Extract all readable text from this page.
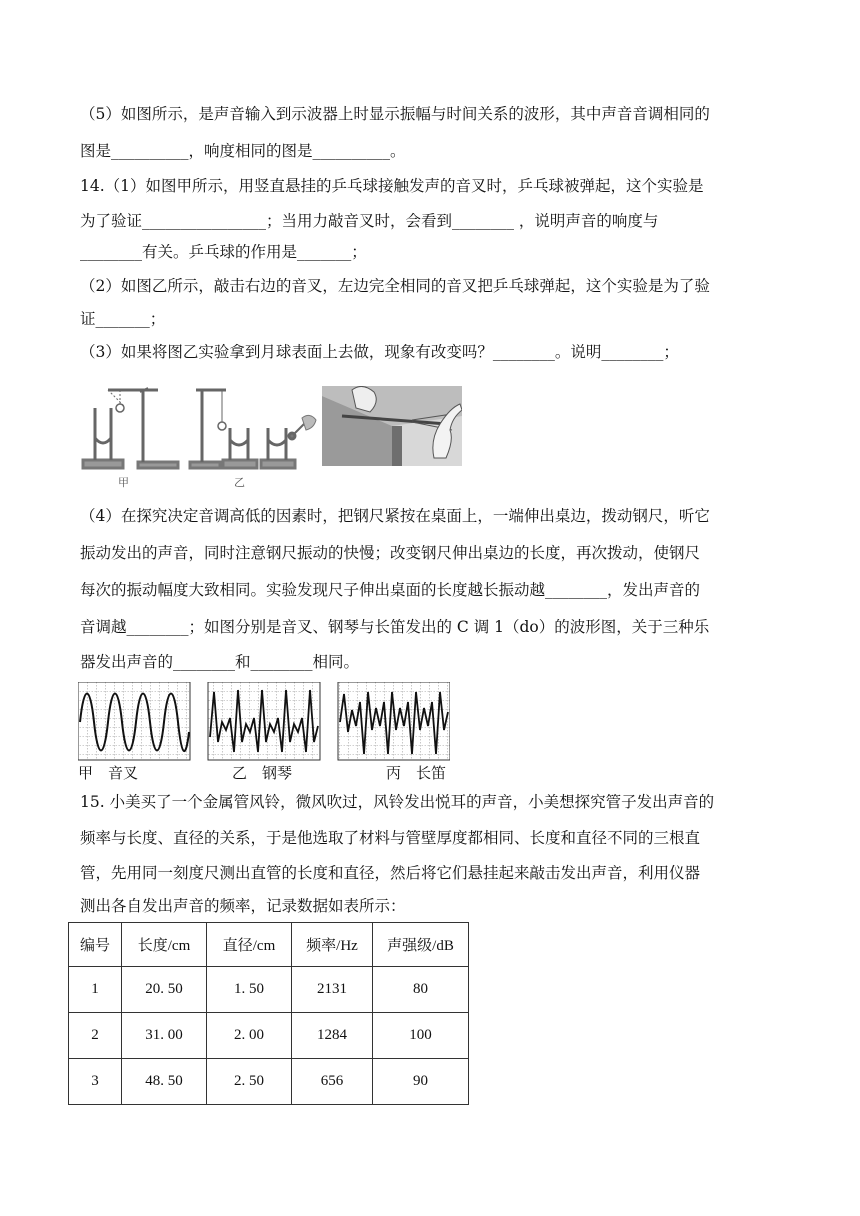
（5）如图所示，是声音输入到示波器上时显示振幅与时间关系的波形，其中声音音调相同的
图是__________，响度相同的图是__________。
14.（1）如图甲所示，用竖直悬挂的乒乓球接触发声的音叉时，乒乓球被弹起，这个实验是
为了验证________________；当用力敲音叉时，会看到________ ，说明声音的响度与
________有关。乒乓球的作用是_______；
（2）如图乙所示，敲击右边的音叉，左边完全相同的音叉把乒乓球弹起，这个实验是为了验
证_______；
（3）如果将图乙实验拿到月球表面上去做，现象有改变吗？________。说明________；
甲	乙
（4）在探究决定音调高低的因素时，把钢尺紧按在桌面上，一端伸出桌边，拨动钢尺，听它
振动发出的声音，同时注意钢尺振动的快慢；改变钢尺伸出桌边的长度，再次拨动，使钢尺
每次的振动幅度大致相同。实验发现尺子伸出桌面的长度越长振动越________，发出声音的
音调越________；如图分别是音叉、钢琴与长笛发出的 C 调 1（do）的波形图，关于三种乐
器发出声音的________和________相同。
甲　音叉	乙　钢琴	丙　长笛
15. 小美买了一个金属管风铃，微风吹过，风铃发出悦耳的声音，小美想探究管子发出声音的
频率与长度、直径的关系，于是他选取了材料与管壁厚度都相同、长度和直径不同的三根直
管，先用同一刻度尺测出直管的长度和直径，然后将它们悬挂起来敲击发出声音，利用仪器
测出各自发出声音的频率，记录数据如表所示：
编号	长度/cm	直径/cm	频率/Hz	声强级/dB
1	20. 50	1. 50	2131	80
2	31. 00	2. 00	1284	100
3	48. 50	2. 50	656	90
